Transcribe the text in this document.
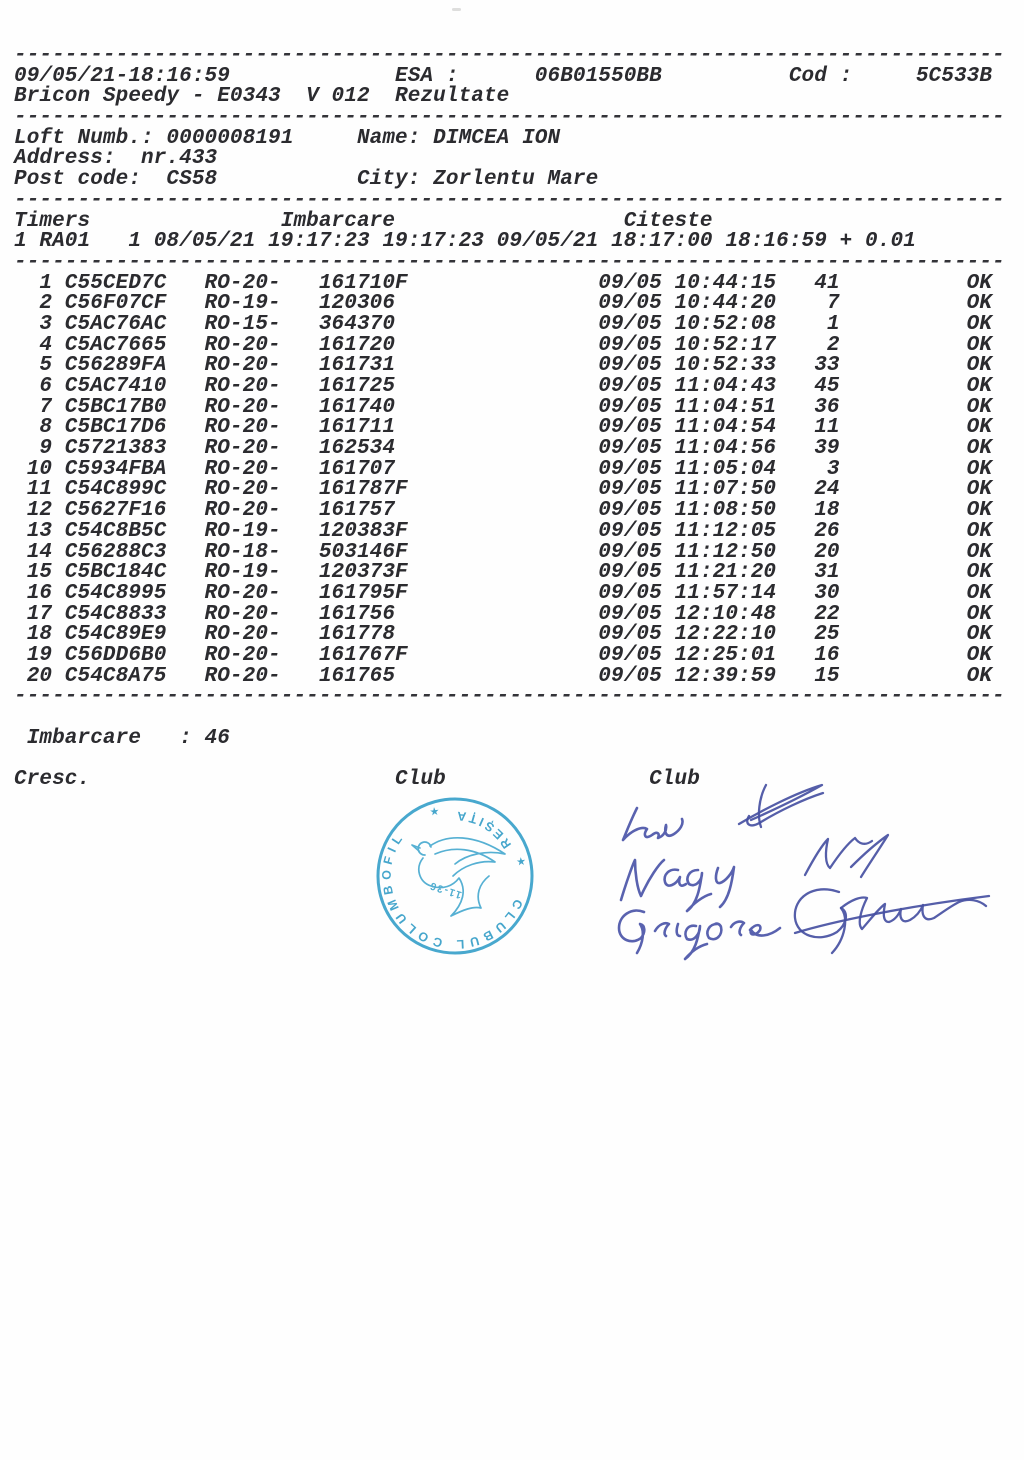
------------------------------------------------------------------------------
09/05/21-18:16:59             ESA :      06B01550BB          Cod :     5C533B
Bricon Speedy - E0343  V 012  Rezultate
------------------------------------------------------------------------------
Loft Numb.: 0000008191     Name: DIMCEA ION
Address:  nr.433
Post code:  CS58           City: Zorlentu Mare
------------------------------------------------------------------------------
Timers               Imbarcare                  Citeste
1 RA01   1 08/05/21 19:17:23 19:17:23 09/05/21 18:17:00 18:16:59 + 0.01
------------------------------------------------------------------------------
1 C55CED7C   RO-20-   161710F               09/05 10:44:15   41          OK
2 C56F07CF   RO-19-   120306                09/05 10:44:20    7          OK
3 C5AC76AC   RO-15-   364370                09/05 10:52:08    1          OK
4 C5AC7665   RO-20-   161720                09/05 10:52:17    2          OK
5 C56289FA   RO-20-   161731                09/05 10:52:33   33          OK
6 C5AC7410   RO-20-   161725                09/05 11:04:43   45          OK
7 C5BC17B0   RO-20-   161740                09/05 11:04:51   36          OK
8 C5BC17D6   RO-20-   161711                09/05 11:04:54   11          OK
9 C5721383   RO-20-   162534                09/05 11:04:56   39          OK
10 C5934FBA   RO-20-   161707                09/05 11:05:04    3          OK
11 C54C899C   RO-20-   161787F               09/05 11:07:50   24          OK
12 C5627F16   RO-20-   161757                09/05 11:08:50   18          OK
13 C54C8B5C   RO-19-   120383F               09/05 11:12:05   26          OK
14 C56288C3   RO-18-   503146F               09/05 11:12:50   20          OK
15 C5BC184C   RO-19-   120373F               09/05 11:21:20   31          OK
16 C54C8995   RO-20-   161795F               09/05 11:57:14   30          OK
17 C54C8833   RO-20-   161756                09/05 12:10:48   22          OK
18 C54C89E9   RO-20-   161778                09/05 12:22:10   25          OK
19 C56DD6B0   RO-20-   161767F               09/05 12:25:01   16          OK
20 C54C8A75   RO-20-   161765                09/05 12:39:59   15          OK
------------------------------------------------------------------------------
Imbarcare   : 46
Cresc.                        Club                Club
CLUBUL COLUMBOFIL	REȘIȚA
★
★
11-36
